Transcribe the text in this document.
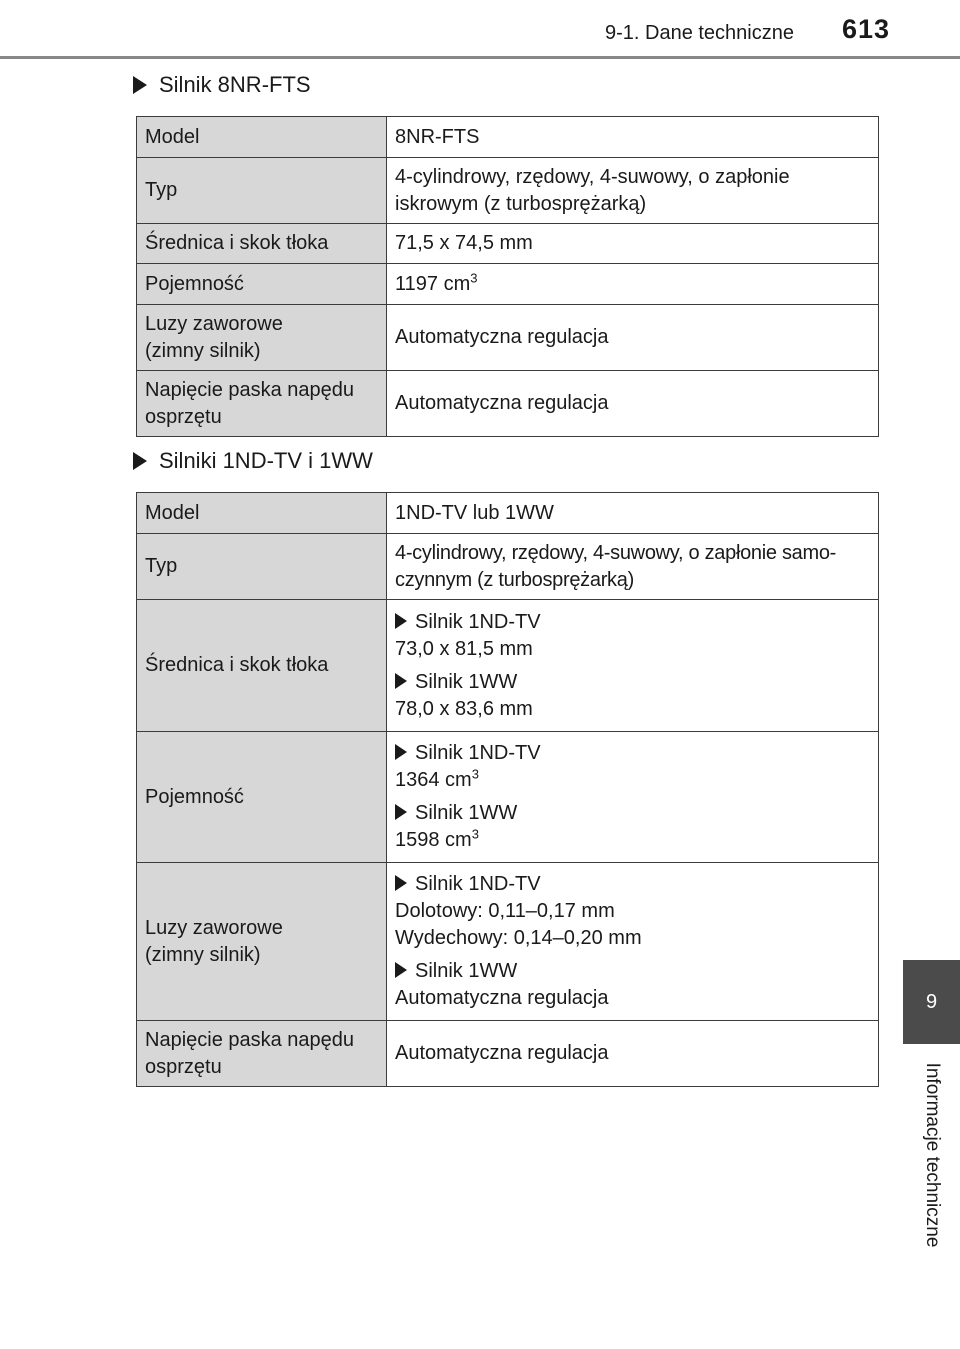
9-1. Dane techniczne 613
9
Informacje techniczne
Silnik 8NR-FTS
Model	8NR-FTS
Typ	4-cylindrowy, rzędowy, 4-suwowy, o zapłonie iskrowym (z turbosprężarką)
Średnica i skok tłoka	71,5 x 74,5 mm
Pojemność	1197 $cm^3$
Luzy zaworowe
(zimny silnik)	Automatyczna regulacja
Napięcie paska napędu
osprzętu	Automatyczna regulacja
Silniki 1ND-TV i 1WW
Model	1ND-TV lub 1WW
Typ	4-cylindrowy, rzędowy, 4-suwowy, o zapłonie samo-czynnym (z turbosprężarką)
Średnica i skok tłoka	Silnik 1ND-TV
73,0 x 81,5 mm
Silnik 1WW
78,0 x 83,6 mm

Pojemność	Silnik 1ND-TV
1364 $cm^3$
Silnik 1WW
1598 $cm^3$

Luzy zaworowe
(zimny silnik)	Silnik 1ND-TV
Dolotowy: 0,11–0,17 mm
Wydechowy: 0,14–0,20 mm
Silnik 1WW
Automatyczna regulacja

Napięcie paska napędu
osprzętu	Automatyczna regulacja
